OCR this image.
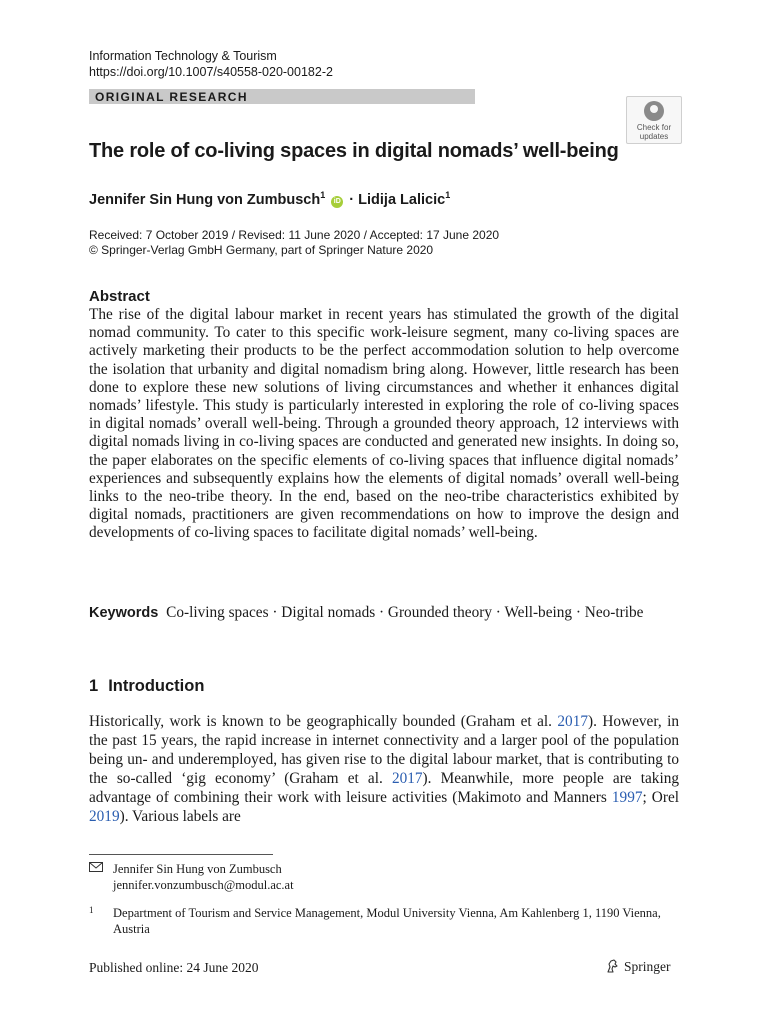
Information Technology & Tourism
https://doi.org/10.1007/s40558-020-00182-2
ORIGINAL RESEARCH
Check for updates
The role of co-living spaces in digital nomads’ well-being
Jennifer Sin Hung von Zumbusch$^1$ iD · Lidija Lalicic$^1$
Received: 7 October 2019 / Revised: 11 June 2020 / Accepted: 17 June 2020
© Springer-Verlag GmbH Germany, part of Springer Nature 2020
Abstract
The rise of the digital labour market in recent years has stimulated the growth of the digital nomad community. To cater to this specific work-leisure segment, many co-living spaces are actively marketing their products to be the perfect accommodation solution to help overcome the isolation that urbanity and digital nomadism bring along. However, little research has been done to explore these new solutions of living circumstances and whether it enhances digital nomads’ lifestyle. This study is particularly interested in exploring the role of co-living spaces in digital nomads’ overall well-being. Through a grounded theory approach, 12 interviews with digital nomads living in co-living spaces are conducted and generated new insights. In doing so, the paper elaborates on the specific elements of co-living spaces that influence digital nomads’ experiences and subsequently explains how the elements of digital nomads’ overall well-being links to the neo-tribe theory. In the end, based on the neo-tribe characteristics exhibited by digital nomads, practitioners are given recommendations on how to improve the design and developments of co-living spaces to facilitate digital nomads’ well-being.
Keywords Co-living spaces · Digital nomads · Grounded theory · Well-being · Neo-tribe
1 Introduction
Historically, work is known to be geographically bounded (Graham et al. 2017). However, in the past 15 years, the rapid increase in internet connectivity and a larger pool of the population being un- and underemployed, has given rise to the digital labour market, that is contributing to the so-called ‘gig economy’ (Graham et al. 2017). Meanwhile, more people are taking advantage of combining their work with leisure activities (Makimoto and Manners 1997; Orel 2019). Various labels are
Jennifer Sin Hung von Zumbusch
jennifer.vonzumbusch@modul.ac.at
1 Department of Tourism and Service Management, Modul University Vienna, Am Kahlenberg 1, 1190 Vienna, Austria
Published online: 24 June 2020	Springer
